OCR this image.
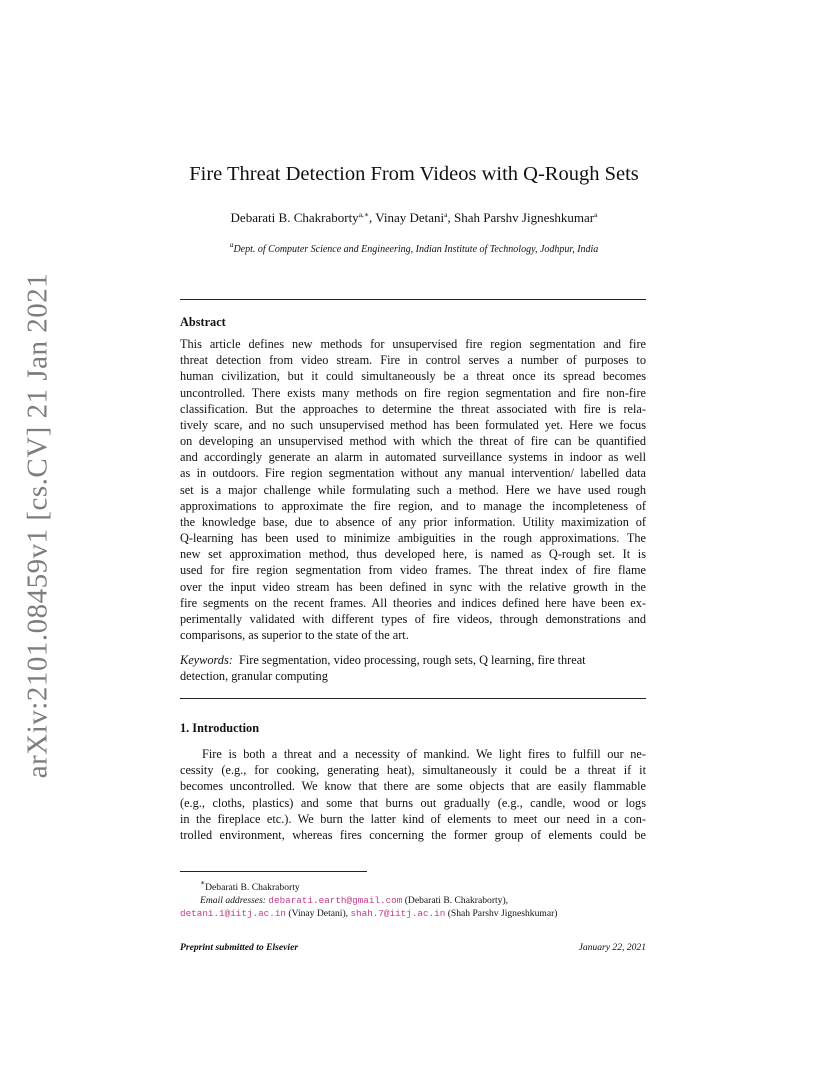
arXiv:2101.08459v1 [cs.CV] 21 Jan 2021
Fire Threat Detection From Videos with Q-Rough Sets
Debarati B. Chakraborty$^{a,∗}$, Vinay Detani$^a$, Shah Parshv Jigneshkumar$^a$
$^a$Dept. of Computer Science and Engineering, Indian Institute of Technology, Jodhpur, India
Abstract

This article defines new methods for unsupervised fire region segmentation and fire

threat detection from video stream. Fire in control serves a number of purposes to

human civilization, but it could simultaneously be a threat once its spread becomes

uncontrolled. There exists many methods on fire region segmentation and fire non-fire

classification. But the approaches to determine the threat associated with fire is rela-

tively scare, and no such unsupervised method has been formulated yet. Here we focus

on developing an unsupervised method with which the threat of fire can be quantified

and accordingly generate an alarm in automated surveillance systems in indoor as well

as in outdoors. Fire region segmentation without any manual intervention/ labelled data

set is a major challenge while formulating such a method. Here we have used rough

approximations to approximate the fire region, and to manage the incompleteness of

the knowledge base, due to absence of any prior information. Utility maximization of

Q-learning has been used to minimize ambiguities in the rough approximations. The

new set approximation method, thus developed here, is named as Q-rough set. It is

used for fire region segmentation from video frames. The threat index of fire flame

over the input video stream has been defined in sync with the relative growth in the

fire segments on the recent frames. All theories and indices defined here have been ex-

perimentally validated with different types of fire videos, through demonstrations and

comparisons, as superior to the state of the art.

Keywords: Fire segmentation, video processing, rough sets, Q learning, fire threat
detection, granular computing
1. Introduction

Fire is both a threat and a necessity of mankind. We light fires to fulfill our ne-

cessity (e.g., for cooking, generating heat), simultaneously it could be a threat if it

becomes uncontrolled. We know that there are some objects that are easily flammable

(e.g., cloths, plastics) and some that burns out gradually (e.g., candle, wood or logs

in the fireplace etc.). We burn the latter kind of elements to meet our need in a con-

trolled environment, whereas fires concerning the former group of elements could be

∗Debarati B. Chakraborty
Email addresses: debarati.earth@gmail.com (Debarati B. Chakraborty),
detani.1@iitj.ac.in (Vinay Detani), shah.7@iitj.ac.in (Shah Parshv Jigneshkumar)
Preprint submitted to Elsevier	January 22, 2021
